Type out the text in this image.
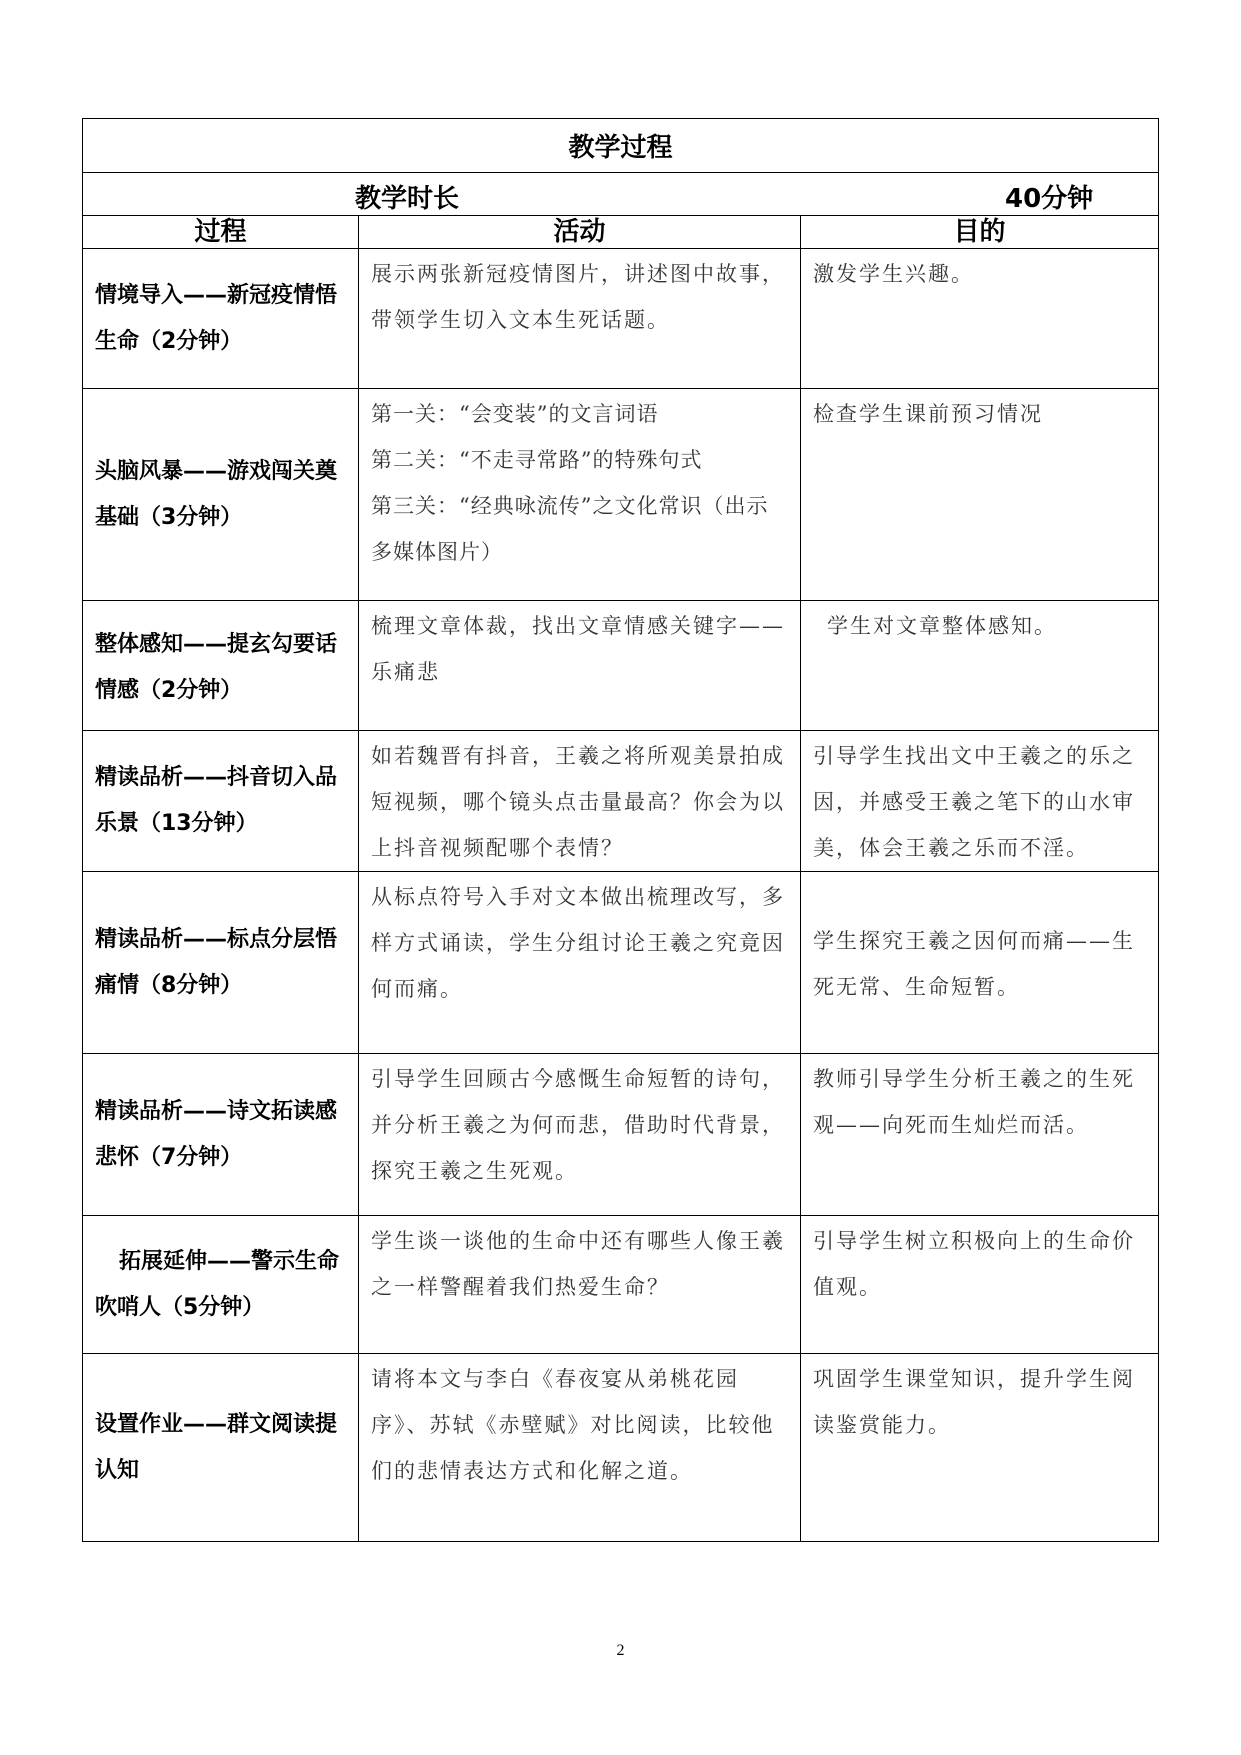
教学过程		

教学时长 40分钟		

过程	活动	目的
情境导入——新冠疫情悟生命（2分钟）	展示两张新冠疫情图片，讲述图中故事，带领学生切入文本生死话题。	激发学生兴趣。
头脑风暴——游戏闯关奠基础（3分钟）	第一关：“会变装”的文言词语
第二关：“不走寻常路”的特殊句式
第三关：“经典咏流传”之文化常识（出示多媒体图片）	检查学生课前预习情况
整体感知——提玄勾要话情感（2分钟）	梳理文章体裁，找出文章情感关键字——乐痛悲	学生对文章整体感知。
精读品析——抖音切入品乐景（13分钟）	如若魏晋有抖音，王羲之将所观美景拍成短视频，哪个镜头点击量最高？你会为以上抖音视频配哪个表情？	引导学生找出文中王羲之的乐之因，并感受王羲之笔下的山水审美，体会王羲之乐而不淫。
精读品析——标点分层悟痛情（8分钟）	从标点符号入手对文本做出梳理改写，多样方式诵读，学生分组讨论王羲之究竟因何而痛。	学生探究王羲之因何而痛——生死无常、生命短暂。
精读品析——诗文拓读感悲怀（7分钟）	引导学生回顾古今感慨生命短暂的诗句，并分析王羲之为何而悲，借助时代背景，探究王羲之生死观。	教师引导学生分析王羲之的生死观——向死而生灿烂而活。
拓展延伸——警示生命吹哨人（5分钟）	学生谈一谈他的生命中还有哪些人像王羲之一样警醒着我们热爱生命？	引导学生树立积极向上的生命价值观。
设置作业——群文阅读提认知	请将本文与李白《春夜宴从弟桃花园序》、苏轼《赤壁赋》对比阅读，比较他们的悲情表达方式和化解之道。	巩固学生课堂知识，提升学生阅读鉴赏能力。
2
